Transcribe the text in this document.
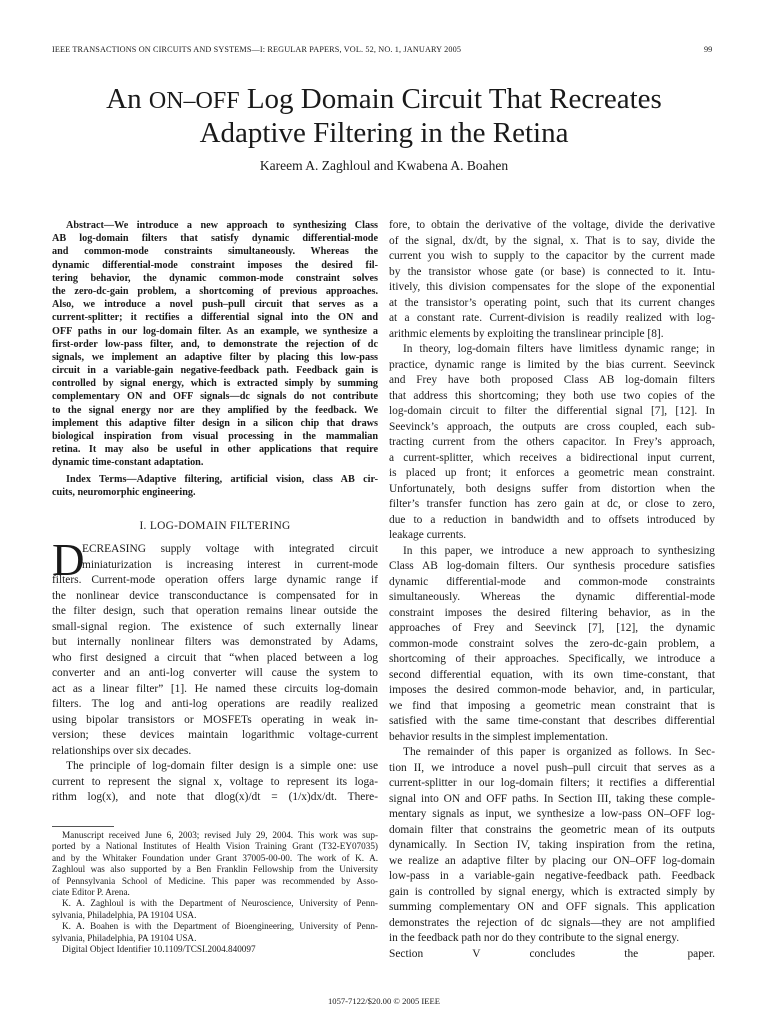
IEEE TRANSACTIONS ON CIRCUITS AND SYSTEMS—I: REGULAR PAPERS, VOL. 52, NO. 1, JANUARY 2005	99
An ON–OFF Log Domain Circuit That Recreates
Adaptive Filtering in the Retina
Kareem A. Zaghloul and Kwabena A. Boahen
Abstract—We introduce a new approach to synthesizing Class
AB log-domain filters that satisfy dynamic differential-mode
and common-mode constraints simultaneously. Whereas the
dynamic differential-mode constraint imposes the desired fil-
tering behavior, the dynamic common-mode constraint solves
the zero-dc-gain problem, a shortcoming of previous approaches.
Also, we introduce a novel push–pull circuit that serves as a
current-splitter; it rectifies a differential signal into the ON and
OFF paths in our log-domain filter. As an example, we synthesize a
first-order low-pass filter, and, to demonstrate the rejection of dc
signals, we implement an adaptive filter by placing this low-pass
circuit in a variable-gain negative-feedback path. Feedback gain is
controlled by signal energy, which is extracted simply by summing
complementary ON and OFF signals—dc signals do not contribute
to the signal energy nor are they amplified by the feedback. We
implement this adaptive filter design in a silicon chip that draws
biological inspiration from visual processing in the mammalian
retina. It may also be useful in other applications that require
dynamic time-constant adaptation.
Index Terms—Adaptive filtering, artificial vision, class AB cir-
cuits, neuromorphic engineering.
I. LOG-DOMAIN FILTERING
D
ECREASING supply voltage with integrated circuit
miniaturization is increasing interest in current-mode
filters. Current-mode operation offers large dynamic range if
the nonlinear device transconductance is compensated for in
the filter design, such that operation remains linear outside the
small-signal region. The existence of such externally linear
but internally nonlinear filters was demonstrated by Adams,
who first designed a circuit that “when placed between a log
converter and an anti-log converter will cause the system to
act as a linear filter” [1]. He named these circuits log-domain
filters. The log and anti-log operations are readily realized
using bipolar transistors or MOSFETs operating in weak in-
version; these devices maintain logarithmic voltage-current
relationships over six decades.
The principle of log-domain filter design is a simple one: use
current to represent the signal x, voltage to represent its loga-
rithm log(x), and note that dlog(x)/dt = (1/x)dx/dt. There-
Manuscript received June 6, 2003; revised July 29, 2004. This work was sup-
ported by a National Institutes of Health Vision Training Grant (T32-EY07035)
and by the Whitaker Foundation under Grant 37005-00-00. The work of K. A.
Zaghloul was also supported by a Ben Franklin Fellowship from the University
of Pennsylvania School of Medicine. This paper was recommended by Asso-
ciate Editor P. Arena.
K. A. Zaghloul is with the Department of Neuroscience, University of Penn-
sylvania, Philadelphia, PA 19104 USA.
K. A. Boahen is with the Department of Bioengineering, University of Penn-
sylvania, Philadelphia, PA 19104 USA.
Digital Object Identifier 10.1109/TCSI.2004.840097
fore, to obtain the derivative of the voltage, divide the derivative
of the signal, dx/dt, by the signal, x. That is to say, divide the
current you wish to supply to the capacitor by the current made
by the transistor whose gate (or base) is connected to it. Intu-
itively, this division compensates for the slope of the exponential
at the transistor’s operating point, such that its current changes
at a constant rate. Current-division is readily realized with log-
arithmic elements by exploiting the translinear principle [8].
In theory, log-domain filters have limitless dynamic range; in
practice, dynamic range is limited by the bias current. Seevinck
and Frey have both proposed Class AB log-domain filters
that address this shortcoming; they both use two copies of the
log-domain circuit to filter the differential signal [7], [12]. In
Seevinck’s approach, the outputs are cross coupled, each sub-
tracting current from the others capacitor. In Frey’s approach,
a current-splitter, which receives a bidirectional input current,
is placed up front; it enforces a geometric mean constraint.
Unfortunately, both designs suffer from distortion when the
filter’s transfer function has zero gain at dc, or close to zero,
due to a reduction in bandwidth and to offsets introduced by
leakage currents.
In this paper, we introduce a new approach to synthesizing
Class AB log-domain filters. Our synthesis procedure satisfies
dynamic differential-mode and common-mode constraints
simultaneously. Whereas the dynamic differential-mode
constraint imposes the desired filtering behavior, as in the
approaches of Frey and Seevinck [7], [12], the dynamic
common-mode constraint solves the zero-dc-gain problem, a
shortcoming of their approaches. Specifically, we introduce a
second differential equation, with its own time-constant, that
imposes the desired common-mode behavior, and, in particular,
we find that imposing a geometric mean constraint that is
satisfied with the same time-constant that describes differential
behavior results in the simplest implementation.
The remainder of this paper is organized as follows. In Sec-
tion II, we introduce a novel push–pull circuit that serves as a
current-splitter in our log-domain filters; it rectifies a differential
signal into ON and OFF paths. In Section III, taking these comple-
mentary signals as input, we synthesize a low-pass ON–OFF log-
domain filter that constrains the geometric mean of its outputs
dynamically. In Section IV, taking inspiration from the retina,
we realize an adaptive filter by placing our ON–OFF log-domain
low-pass in a variable-gain negative-feedback path. Feedback
gain is controlled by signal energy, which is extracted simply by
summing complementary ON and OFF signals. This application
demonstrates the rejection of dc signals—they are not amplified
in the feedback path nor do they contribute to the signal energy.
Section V concludes the paper.
1057-7122/$20.00 © 2005 IEEE
